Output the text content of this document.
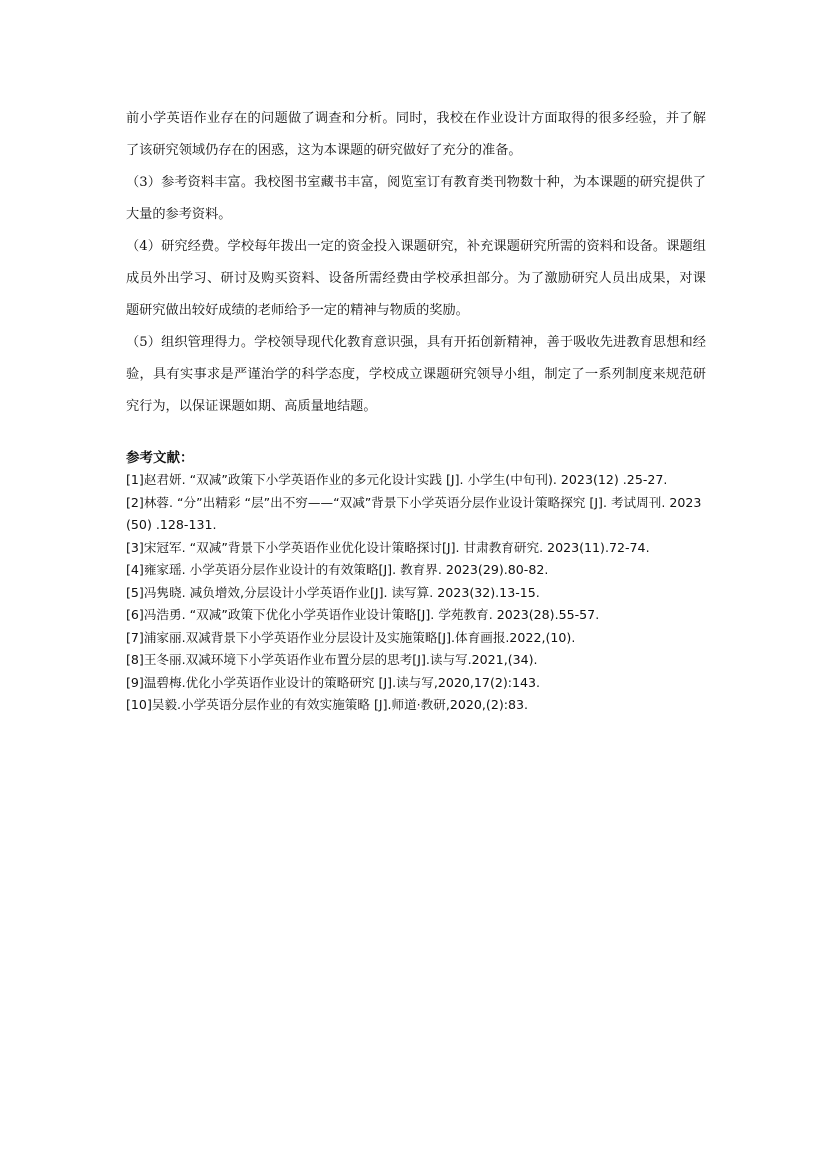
前小学英语作业存在的问题做了调查和分析。同时，我校在作业设计方面取得的很多经验，并了解了该研究领域仍存在的困惑，这为本课题的研究做好了充分的准备。

（3）参考资料丰富。我校图书室藏书丰富，阅览室订有教育类刊物数十种，为本课题的研究提供了大量的参考资料。

（4）研究经费。学校每年拨出一定的资金投入课题研究，补充课题研究所需的资料和设备。课题组成员外出学习、研讨及购买资料、设备所需经费由学校承担部分。为了激励研究人员出成果，对课题研究做出较好成绩的老师给予一定的精神与物质的奖励。

（5）组织管理得力。学校领导现代化教育意识强，具有开拓创新精神，善于吸收先进教育思想和经验，具有实事求是严谨治学的科学态度，学校成立课题研究领导小组，制定了一系列制度来规范研究行为，以保证课题如期、高质量地结题。

参考文献：
[1]赵君妍. “双减”政策下小学英语作业的多元化设计实践 [J]. 小学生(中旬刊). 2023(12) .25-27.
[2]林蓉. “分”出精彩 “层”出不穷——“双减”背景下小学英语分层作业设计策略探究 [J]. 考试周刊. 2023(50) .128-131.
[3]宋冠军. “双减”背景下小学英语作业优化设计策略探讨[J]. 甘肃教育研究. 2023(11).72-74.
[4]雍家瑶. 小学英语分层作业设计的有效策略[J]. 教育界. 2023(29).80-82.
[5]冯隽晓. 减负增效,分层设计小学英语作业[J]. 读写算. 2023(32).13-15.
[6]冯浩勇. “双减”政策下优化小学英语作业设计策略[J]. 学苑教育. 2023(28).55-57.
[7]浦家丽.双减背景下小学英语作业分层设计及实施策略[J].体育画报.2022,(10).
[8]王冬丽.双减环境下小学英语作业布置分层的思考[J].读与写.2021,(34).
[9]温碧梅.优化小学英语作业设计的策略研究 [J].读与写,2020,17(2):143.
[10]吴毅.小学英语分层作业的有效实施策略 [J].师道·教研,2020,(2):83.
